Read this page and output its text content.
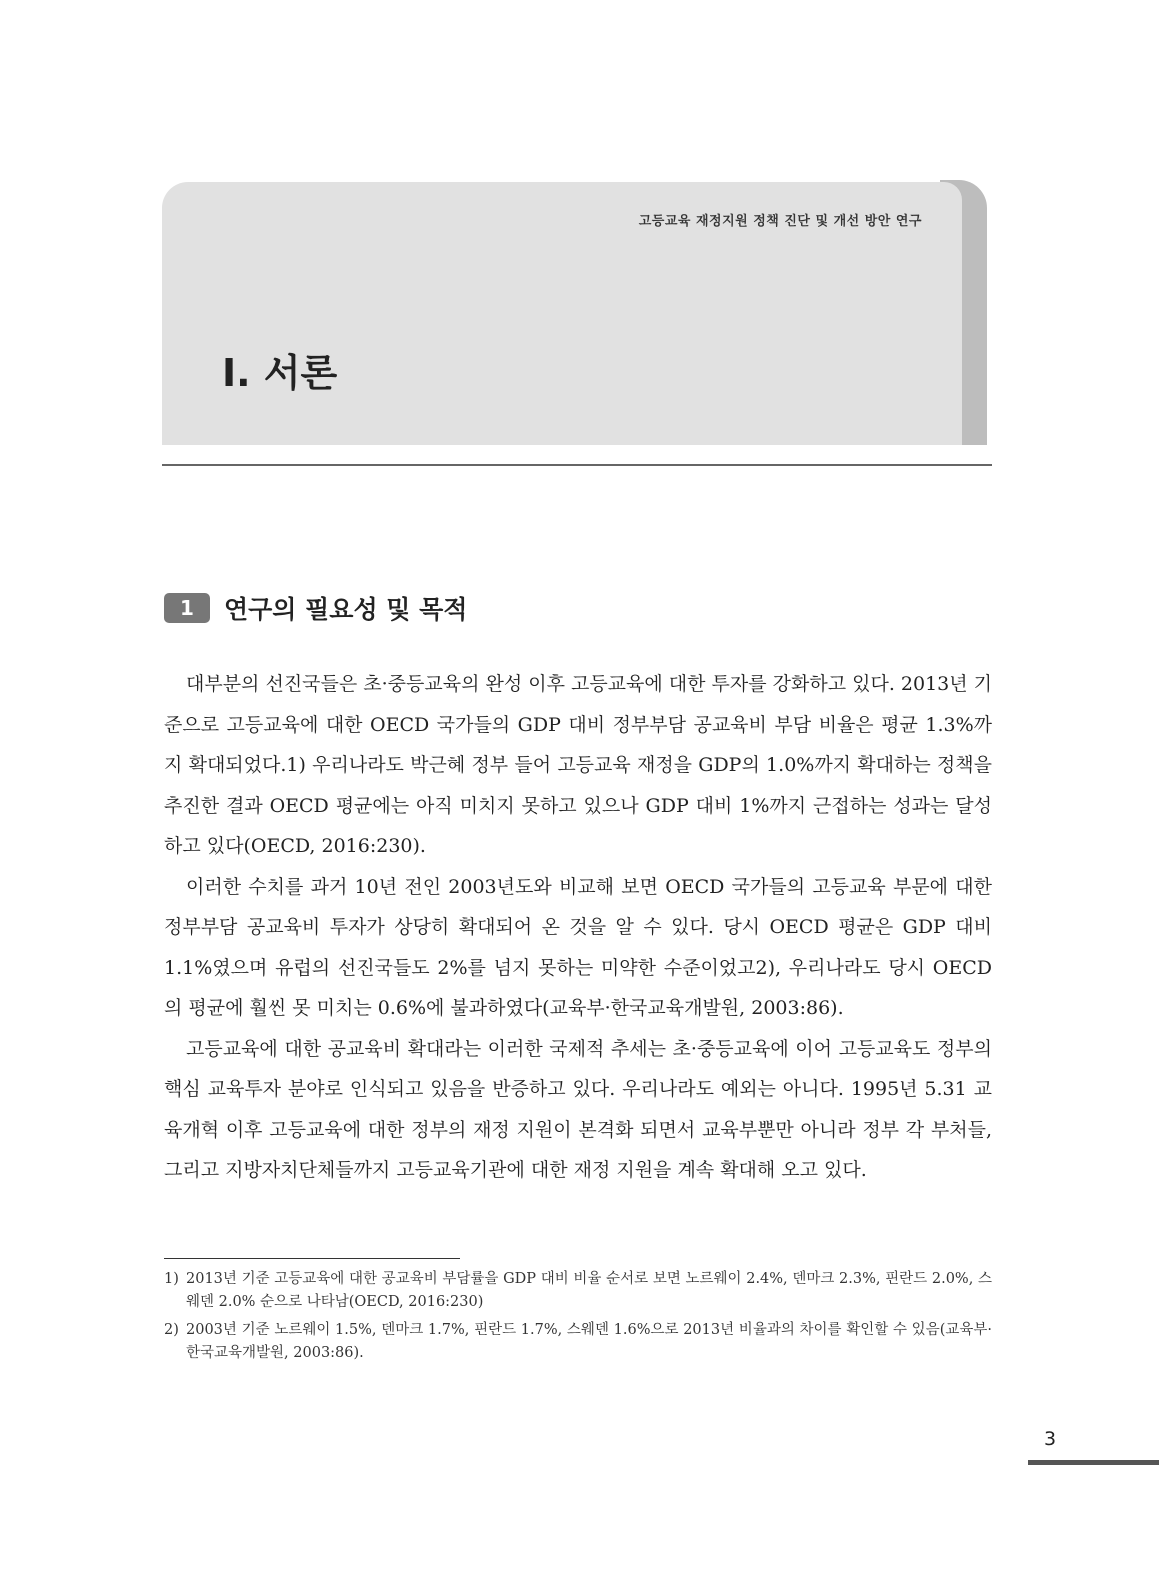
고등교육 재정지원 정책 진단 및 개선 방안 연구
Ⅰ. 서론
1	연구의 필요성 및 목적

대부분의 선진국들은 초·중등교육의 완성 이후 고등교육에 대한 투자를 강화하고 있다. 2013년 기준으로 고등교육에 대한 OECD 국가들의 GDP 대비 정부부담 공교육비 부담 비율은 평균 1.3%까지 확대되었다.1) 우리나라도 박근혜 정부 들어 고등교육 재정을 GDP의 1.0%까지 확대하는 정책을 추진한 결과 OECD 평균에는 아직 미치지 못하고 있으나 GDP 대비 1%까지 근접하는 성과는 달성하고 있다(OECD, 2016:230).

이러한 수치를 과거 10년 전인 2003년도와 비교해 보면 OECD 국가들의 고등교육 부문에 대한 정부부담 공교육비 투자가 상당히 확대되어 온 것을 알 수 있다. 당시 OECD 평균은 GDP 대비 1.1%였으며 유럽의 선진국들도 2%를 넘지 못하는 미약한 수준이었고2), 우리나라도 당시 OECD의 평균에 훨씬 못 미치는 0.6%에 불과하였다(교육부·한국교육개발원, 2003:86).

고등교육에 대한 공교육비 확대라는 이러한 국제적 추세는 초·중등교육에 이어 고등교육도 정부의 핵심 교육투자 분야로 인식되고 있음을 반증하고 있다. 우리나라도 예외는 아니다. 1995년 5.31 교육개혁 이후 고등교육에 대한 정부의 재정 지원이 본격화 되면서 교육부뿐만 아니라 정부 각 부처들, 그리고 지방자치단체들까지 고등교육기관에 대한 재정 지원을 계속 확대해 오고 있다.

1) 2013년 기준 고등교육에 대한 공교육비 부담률을 GDP 대비 비율 순서로 보면 노르웨이 2.4%, 덴마크 2.3%, 핀란드 2.0%, 스웨덴 2.0% 순으로 나타남(OECD, 2016:230)
2) 2003년 기준 노르웨이 1.5%, 덴마크 1.7%, 핀란드 1.7%, 스웨덴 1.6%으로 2013년 비율과의 차이를 확인할 수 있음(교육부·한국교육개발원, 2003:86).
3
